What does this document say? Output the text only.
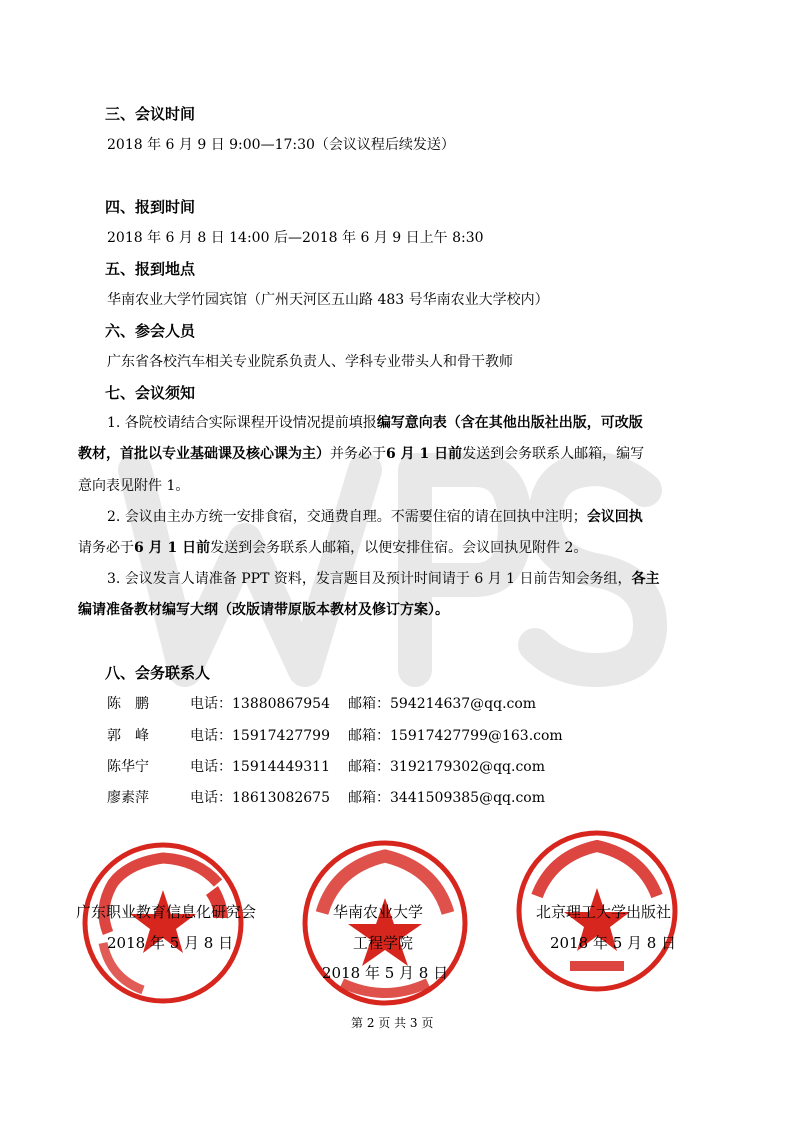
三、会议时间
2018 年 6 月 9 日 9:00—17:30（会议议程后续发送）
四、报到时间
2018 年 6 月 8 日 14:00 后—2018 年 6 月 9 日上午 8:30
五、报到地点
华南农业大学竹园宾馆（广州天河区五山路 483 号华南农业大学校内）
六、参会人员
广东省各校汽车相关专业院系负责人、学科专业带头人和骨干教师
七、会议须知
1. 各院校请结合实际课程开设情况提前填报编写意向表（含在其他出版社出版，可改版
教材，首批以专业基础课及核心课为主）并务必于6 月 1 日前发送到会务联系人邮箱，编写
意向表见附件 1。
2. 会议由主办方统一安排食宿，交通费自理。不需要住宿的请在回执中注明；会议回执
请务必于6 月 1 日前发送到会务联系人邮箱，以便安排住宿。会议回执见附件 2。
3. 会议发言人请准备 PPT 资料，发言题目及预计时间请于 6 月 1 日前告知会务组，各主
编请准备教材编写大纲（改版请带原版本教材及修订方案）。
八、会务联系人
陈　鹏	电话：13880867954 邮箱：594214637@qq.com
郭　峰	电话：15917427799 邮箱：15917427799@163.com
陈华宁	电话：15914449311 邮箱：3192179302@qq.com
廖素萍	电话：18613082675 邮箱：3441509385@qq.com
广东职业教育信息化研究会
2018 年 5 月 8 日
华南农业大学
工程学院
2018 年 5 月 8 日
北京理工大学出版社
2018 年 5 月 8 日
第 2 页 共 3 页
